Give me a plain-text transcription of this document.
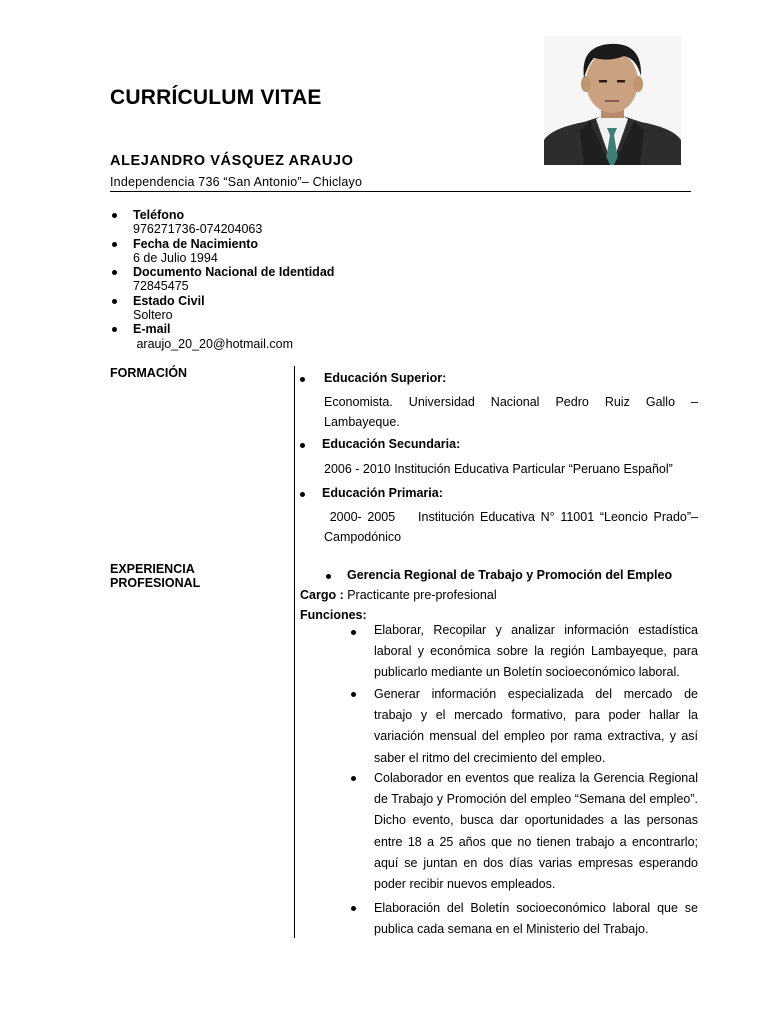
CURRÍCULUM VITAE
ALEJANDRO VÁSQUEZ ARAUJO
Independencia 736 “San Antonio”– Chiclayo
Teléfono
976271736-074204063
Fecha de Nacimiento
6 de Julio 1994
Documento Nacional de Identidad
72845475
Estado Civil
Soltero
E-mail
araujo_20_20@hotmail.com
FORMACIÓN	Educación Superior:
Economista. Universidad Nacional Pedro Ruiz Gallo – Lambayeque.
Educación Secundaria:
2006 - 2010 Institución Educativa Particular “Peruano Español”
Educación Primaria:
2000- 2005    Institución Educativa N° 11001 “Leoncio Prado”– Campodónico
EXPERIENCIA
PROFESIONAL
Gerencia Regional de Trabajo y Promoción del Empleo
Cargo : Practicante pre-profesional
Funciones:
Elaborar, Recopilar y analizar información estadística laboral y económica sobre la región Lambayeque, para publicarlo mediante un Boletín socioeconómico laboral.
Generar información especializada del mercado de trabajo y el mercado formativo, para poder hallar la variación mensual del empleo por rama extractiva, y así saber el ritmo del crecimiento del empleo.
Colaborador en eventos que realiza la Gerencia Regional de Trabajo y Promoción del empleo “Semana del empleo”. Dicho evento, busca dar oportunidades a las personas entre 18 a 25 años que no tienen trabajo a encontrarlo; aquí se juntan en dos días varias empresas esperando poder recibir nuevos empleados.
Elaboración del Boletín socioeconómico laboral que se publica cada semana en el Ministerio del Trabajo.
